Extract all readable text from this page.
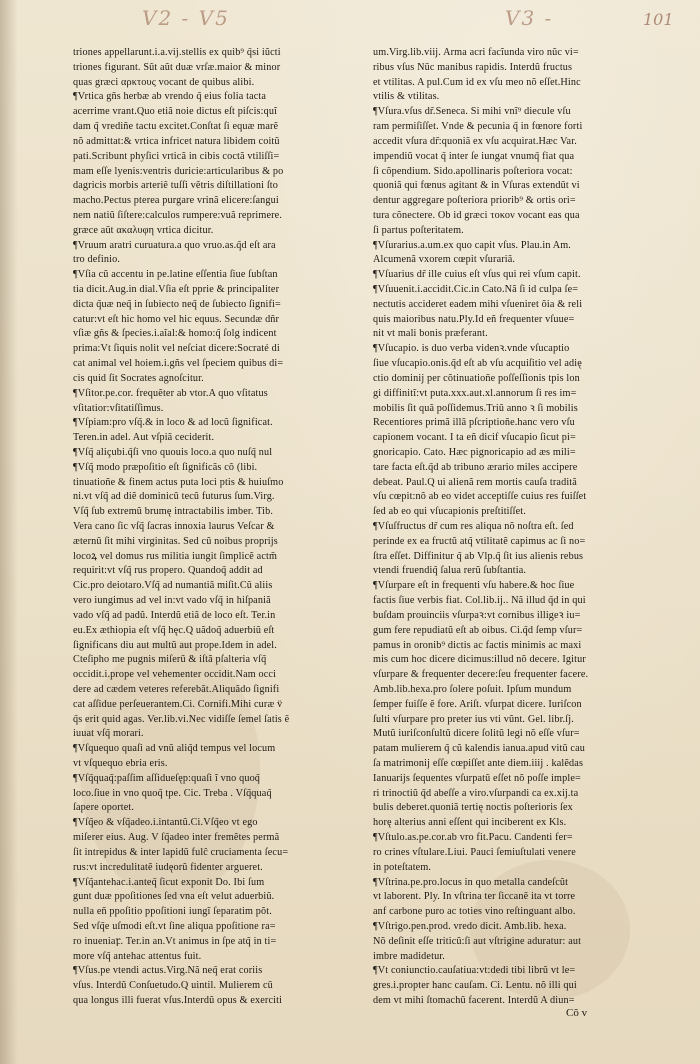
V2 - V5	V3 -	101
triones appellarunt.i.a.vij.stellis ex quib⁹ q̃si iũcti
triones figurant. Sũt aũt duæ vrſæ.maior & minor
quas græci αρκτους vocant de quibus alibi.
¶Vrtica gñs herbæ ab vrendo q̃ eius folia tacta
acerrime vrant.Quo etiã noie dictus eſt piſcis:quĩ
dam q̃ vrediñe tactu excitet.Conſtat ſi equæ marẽ
nõ admittat:& vrtica infricet natura libidem coitũ
pati.Scribunt phyſici vrticã in cibis coctã vtiliſſi=
mam eſſe lyenis:ventris duricie:articularibus & po
dagricis morbis arteriẽ tuſſi vẽtris diſtillationi ſto
macho.Pectus pterea purgare vrinã elicere:ſangui
nem natiũ ſiſtere:calculos rumpere:vuã reprimere.
græce aũt ακαλυφη vrtica dicitur.
¶Vruum aratri curuatura.a quo vruo.as.q̃d eſt ara
tro definio.
¶Vſia cũ accentu in pe.latine eſſentia ſiue ſubſtan
tia dicit.Aug.in dial.Vſia eſt pprie & principaliter
dicta q̃uæ neq̃ in ſubiecto neq̃ de ſubiecto ſignifi=
catur:vt eſt hic homo vel hic equus. Secundæ dñr
vſiæ gñs & ſpecies.i.aĩal:& homo:q̃ ſolg indicent
prima:Vt ſiquis nolit vel neſciat dicere:Socraté di
cat animal vel hoiem.i.gñs vel ſpeciem quibus di=
cis quid ſit Socrates agnoſcitur.
¶Vſitor.pe.cor. frequẽter ab vtor.A quo vſitatus
vſitatior:vſitatiſſimus.
¶Vſpiam:pro vſq̃.& in loco & ad locũ ſignificat.
Teren.in adel. Aut vſpiã ceciderit.
¶Vſq̃ aliçubi.q̃ſi vno quouis loco.a quo nuſq̃ nul
¶Vſq̃ modo præpoſitio eſt ſignificãs cõ (libi.
tinuatioñe & finem actus puta loci ptis & huiuſmo
ni.vt vſq̃ ad diẽ dominicũ tecũ futurus ſum.Virg.
Vſq̃ ſub extremũ brumę intractabilis imber. Tib.
Vera cano ſic vſq̃ ſacras innoxia laurus Veſcar &
æternũ ſit mihi virginitas. Sed cũ noibus proprijs
locoꝝ vel domus rus militia iungit ſimplicẽ actm̃
requirit:vt vſq̃ rus propero. Quandoq̃ addit ad
Cic.pro deiotaro.Vſq̃ ad numantiã miſit.Cũ aliis
vero iungimus ad vel in:vt vado vſq̃ in hiſpaniã
vado vſq̃ ad padũ. Interdũ etiã de loco eſt. Ter.in
eu.Ex æthiopia eſt vſq̃ hęc.Q uãdoq̃ aduerbiũ eſt
ſignificans diu aut multũ aut prope.Idem in adel.
Cteſipho me pugnis miſerũ & iſtã pſalteria vſq̃
occidit.i.prope vel vehementer occidit.Nam occi
dere ad cædem veteres referebãt.Aliquãdo ſignifi
cat aſſidue perſeuerantem.Ci. Cornifi.Mihi curæ v̈
q̃s erit quid agas. Ver.lib.vi.Nec vidiſſe ſemel ſatis ẽ
iuuat vſq̃ morari.
¶Vſquequo quaſi ad vnũ aliq̃d tempus vel locum
vt vſquequo ebria eris.
¶Vſq̃quaq̃:paſſim aſſidueſęp:quaſi ĩ vno quoq̃
loco.ſiue in vno quoq̃ tpe. Cic. Treba . Vſq̃quaq̃
ſapere oportet.
¶Vſq̃eo & vſq̃adeo.i.intantũ.Ci.Vſq̃eo vt ego
miſerer eius. Aug. V ſq̃adeo inter fremẽtes permã
ſit intrepidus & inter lapidũ fulĉ cruciamenta ſecu=
rus:vt incredulitatẽ iudęorũ fidenter argueret.
¶Vſq̃antehac.i.anteq̃ ſicut exponit Do. Ibi ſum
gunt duæ ppoſitiones ſed vna eſt velut aduerbiũ.
nulla eñ ppoſitio ppoſitioni iungĩ ſeparatim põt.
Sed vſq̃e uſmodi eſt.vt ſine aliqua ppoſitione ra=
ro inueniaꝼ. Ter.in an.Vt animus in ſpe atq̃ in ti=
more vſq̃ antehac attentus fuit.
¶Vſus.pe vtendi actus.Virg.Nã neq̃ erat coriis
vſus. Interdũ Conſuetudo.Q uintil. Mulierem cũ
qua longus illi fuerat vſus.Interdũ opus & exerciti
um.Virg.lib.viij. Arma acri facĩunda viro nũc vi=
ribus vſus Nũc manibus rapidis. Interdũ fructus
et vtilitas. A pul.Cum id ex vſu meo nõ eſſet.Hinc
vtilis & vtilitas.
¶Vſura.vſus dr̃.Seneca. Si mihi vnĩ⁹ diecule vſu
ram permiſiſſet. Vnde & pecunia q̃ in fœnore forti
accedit vſura dr̃:quoniã ex vſu acquirat.Hæc Var.
impendiũ vocat q̃ inter ſe iungat vnumq̃ fiat qua
ſi cõpendium. Sido.apollinaris poſteriora vocat:
quoniã qui fœnus agitant & in Vſuras extendũt vi
dentur aggregare poſteriora priorib⁹ & ortis ori=
tura cõnectere. Ob id græci τοκον vocant eas qua
ſi partus poſteritatem.
¶Vſurarius.a.um.ex quo capit vſus. Plau.in Am.
Alcumenã vxorem cœpit vſurariã.
¶Vſuarius dr̃ ille cuius eſt vſus qui rei vſum capit.
¶Vſuuenit.i.accidit.Cic.in Cato.Nã ſi id culpa ſe=
nectutis accideret eadem mihi vſueniret õia & reli
quis maioribus natu.Ply.Id eñ frequenter vſuue=
nit vt mali bonis præferant.
¶Vſucapio. is duo verba videnꝛ.vnde vſucaptio
ſiue vſucapio.onis.q̃d eſt ab vſu acquiſitio vel adię
ctio dominij per cõtinuatioñe poſſeſſionis tpis lon
gi diffinitĩ:vt puta.xxx.aut.xl.annorum ſi res im=
mobilis ſit quã poſſidemus.Triũ anno ꝛ ſi mobilis
Recentiores primã illã pſcriptioñe.hanc vero vſu
capionem vocant. I ta eñ dicif vſucapio ſicut pi=
gnoricapio. Cato. Hæc pignoricapio ad æs mili=
tare facta eſt.q̃d ab tribuno ærario miles accipere
debeat. Paul.Q ui alienã rem mortis cauſa traditã
vſu cœpit:nõ ab eo videt acceptiſſe cuius res fuiſſet
ſed ab eo qui vſucapionis preſtitiſſet.
¶Vſuſfructus dr̃ cum res aliqua nõ noſtra eſt. ſed
perinde ex ea fructũ atq̃ vtilitatẽ capimus ac ſi no=
ſtra eſſet. Diffinitur q̃ ab Vlp.q̃ ſit ius alienis rebus
vtendi fruendiq̃ ſalua rerũ ſubſtantia.
¶Vſurpare eſt in frequenti vſu habere.& hoc ſiue
factis ſiue verbis fiat. Col.lib.ij.. Nã illud q̃d in qui
buſdam prouinciis vſurpaꝛ:vt cornibus illigeꝛ iu=
gum fere repudiatũ eſt ab oibus. Ci.q̃d ſemp vſur=
pamus in oronib⁹ dictis ac factis minimis ac maxi
mis cum hoc dicere dicimus:illud nõ decere. Igitur
vſurpare & frequenter decere:ſeu frequenter facere.
Amb.lib.hexa.pro ſolere poſuit. Ipſum mundum
ſemper fuiſſe ẽ fore. Ariſt. vſurpat dicere. Iuriſcon
ſulti vſurpare pro preter ius vti vũnt. Gel. libr.ſj.
Mutũ iuriſconſultũ dicere ſolitũ legi nõ eſſe vſur=
patam mulierem q̃ cũ kalendis ianua.apud vitũ cau
ſa matrimonij eſſe cœpiſſet ante diem.iiij . kalẽdas
Ianuarijs ſequentes vſurpatũ eſſet nõ poſſe imple=
ri trinoctiũ q̃d abeſſe a viro.vſurpandi ca ex.xij.ta
bulis deberet.quoniã tertię noctis poſterioris ſex
horę alterius anni eſſent qui inciberent ex Kls.
¶Vſtulo.as.pe.cor.ab vro fit.Pacu. Candenti fer=
ro crines vſtulare.Liui. Pauci ſemiuſtulati venere
in poteſtatem.
¶Vſtrina.pe.pro.locus in quo metalla candeſcũt
vt laborent. Ply. In vſtrina ter ſiccanẽ ita vt torre
anf carbone puro ac toties vino reſtinguant albo.
¶Vſtrigo.pen.prod. vredo dicit. Amb.lib. hexa.
Nõ deſinit eſſe triticũ:ſi aut vſtrigine aduratur: aut
imbre madidetur.
¶Vt coniunctio.cauſatiua:vt:dedi tibi librũ vt le=
gres.i.propter hanc cauſam. Ci. Lentu. nõ illi qui
dem vt mihi ſtomachũ facerent. Interdũ A diun=
Cõ v
